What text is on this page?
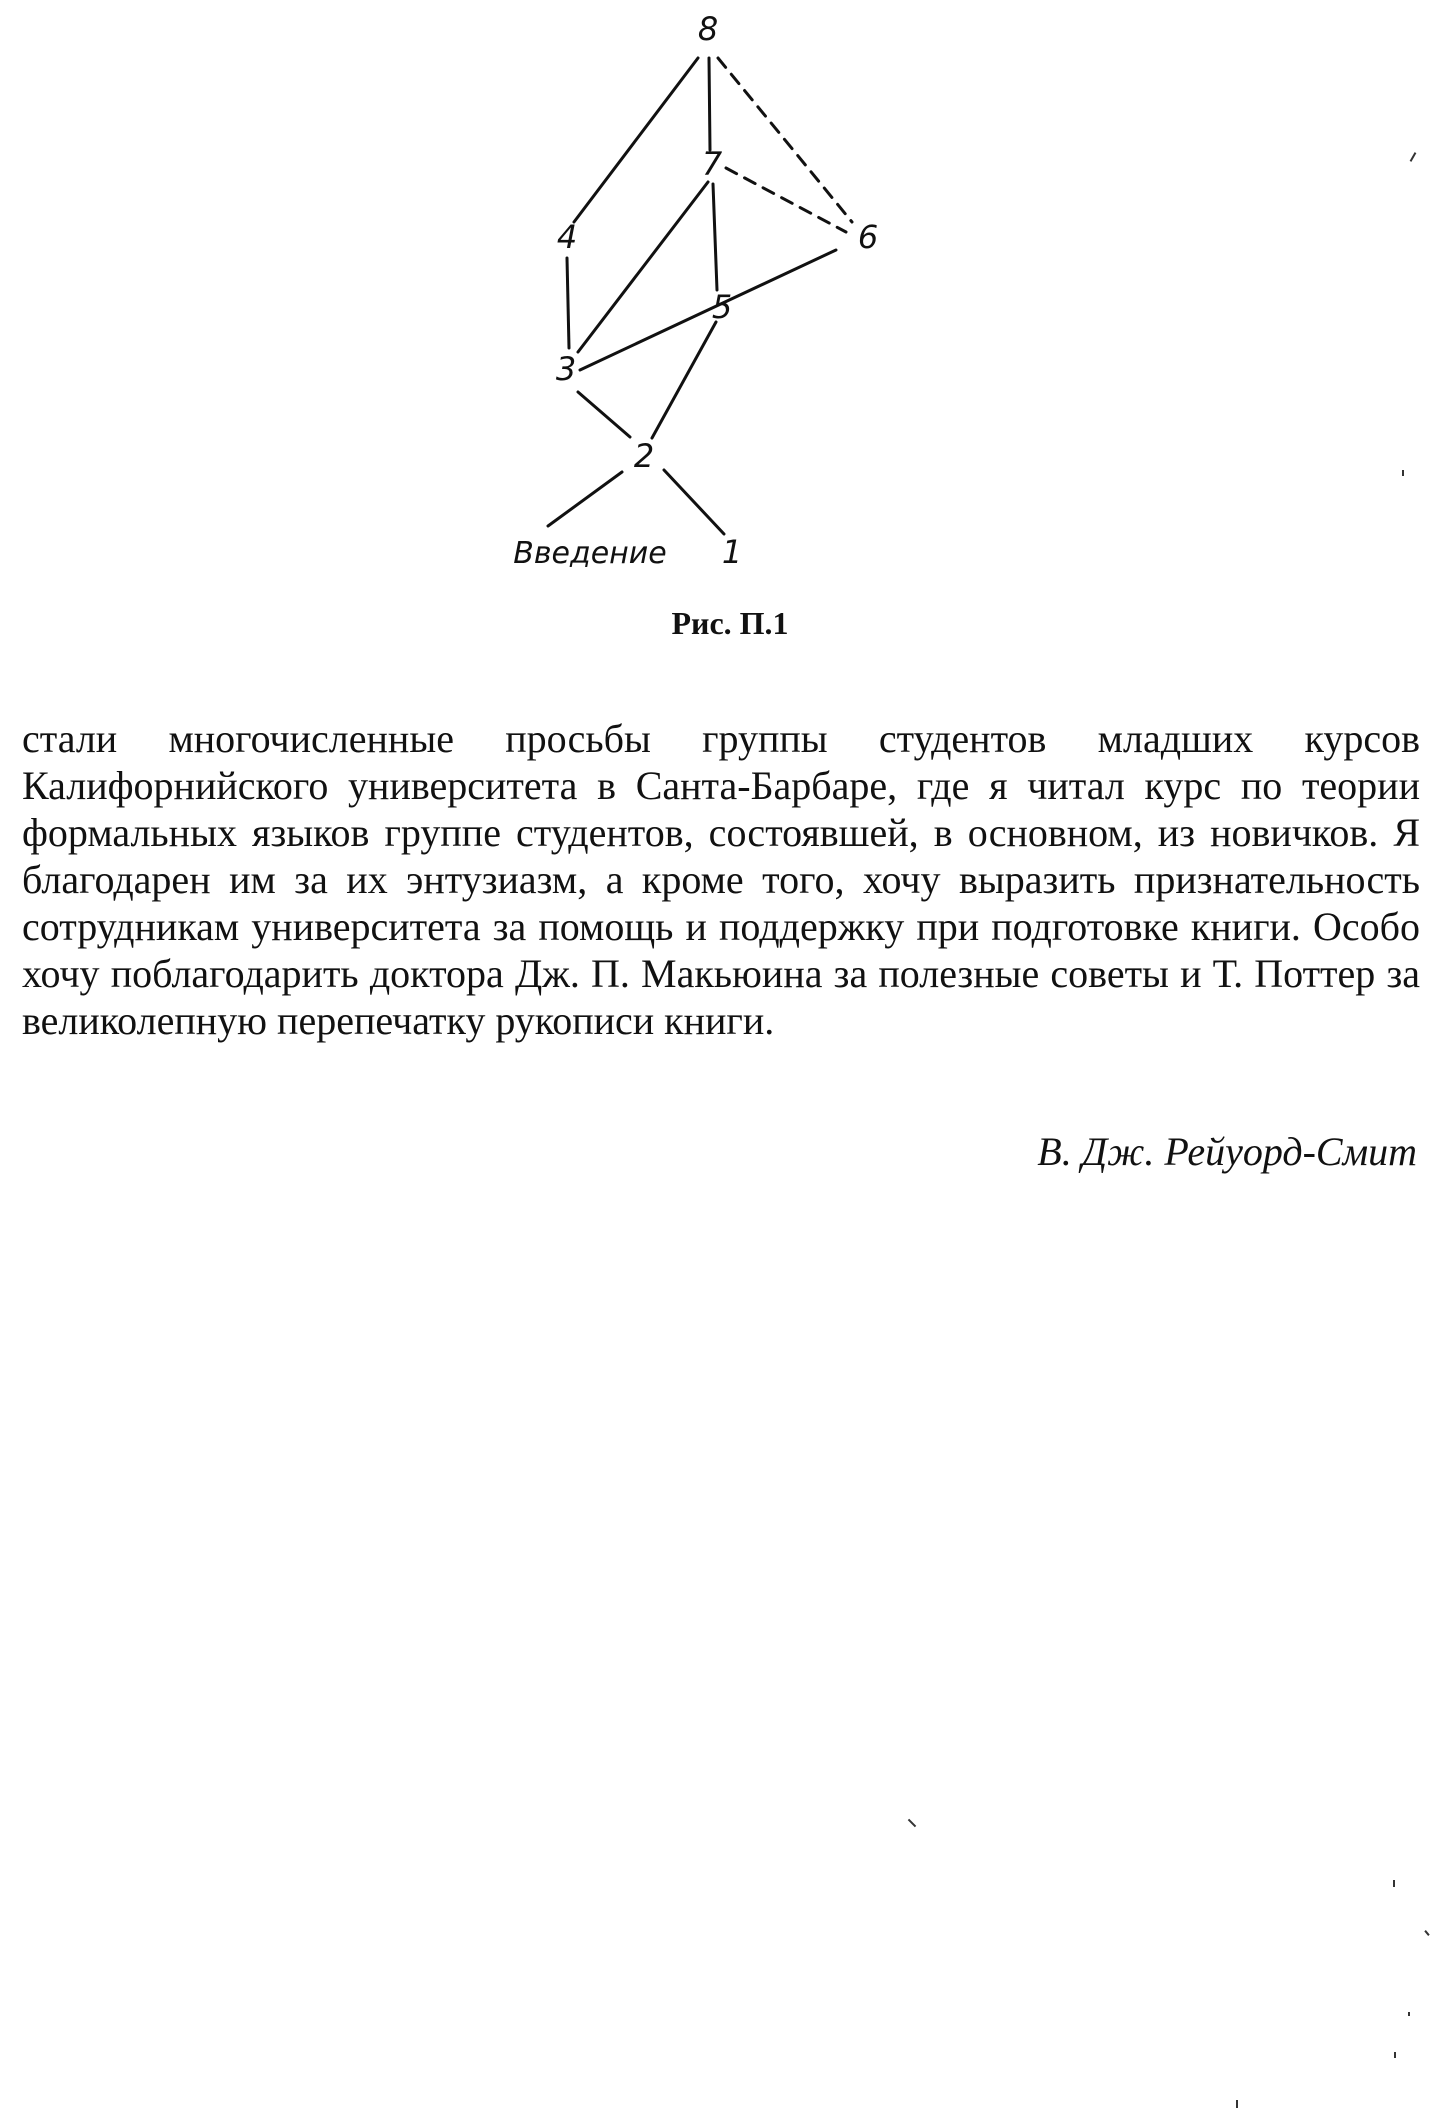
8
7
6
5
4
3
2
1
Введение

Рис. П.1

стали многочисленные просьбы группы студентов младших курсов Калифорнийского университета в Санта-Барбаре, где я читал курс по теории формальных языков группе студентов, состоявшей, в основном, из новичков. Я благодарен им за их энтузиазм, а кроме того, хочу выразить признательность сотрудникам университета за помощь и поддержку при подготовке книги. Особо хочу поблагодарить доктора Дж. П. Макьюина за полезные советы и Т. Поттер за великолепную перепечатку рукописи книги.

В. Дж. Рейуорд-Смит
